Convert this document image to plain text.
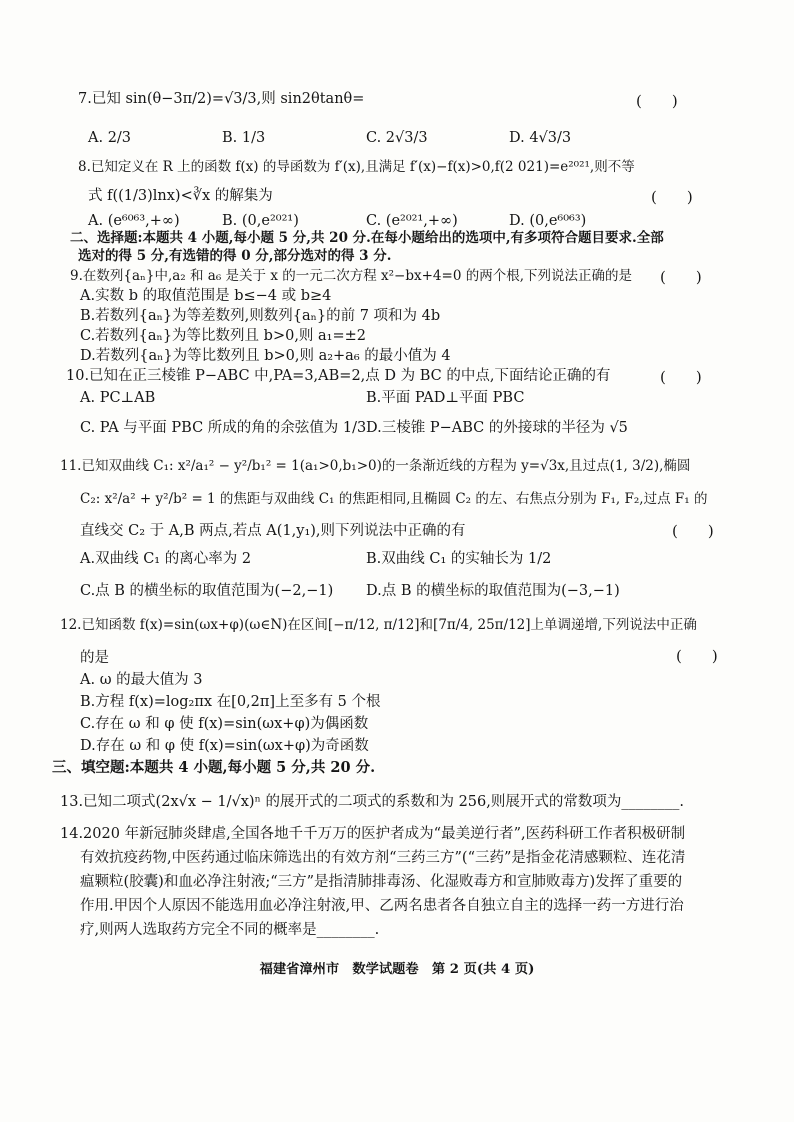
7.已知 sin(θ−3π/2)=√3/3,则 sin2θtanθ=	(　　)
A. 2/3	B. 1/3	C. 2√3/3	D. 4√3/3
8.已知定义在 R 上的函数 f(x) 的导函数为 f′(x),且满足 f′(x)−f(x)>0,f(2 021)=e²⁰²¹,则不等
式 f((1/3)lnx)<∛x 的解集为	(　　)
A. (e⁶⁰⁶³,+∞)	B. (0,e²⁰²¹)	C. (e²⁰²¹,+∞)	D. (0,e⁶⁰⁶³)
二、选择题:本题共 4 小题,每小题 5 分,共 20 分.在每小题给出的选项中,有多项符合题目要求.全部
选对的得 5 分,有选错的得 0 分,部分选对的得 3 分.
9.在数列{aₙ}中,a₂ 和 a₆ 是关于 x 的一元二次方程 x²−bx+4=0 的两个根,下列说法正确的是 (　　)
A.实数 b 的取值范围是 b≤−4 或 b≥4
B.若数列{aₙ}为等差数列,则数列{aₙ}的前 7 项和为 4b
C.若数列{aₙ}为等比数列且 b>0,则 a₁=±2
D.若数列{aₙ}为等比数列且 b>0,则 a₂+a₆ 的最小值为 4
10.已知在正三棱锥 P−ABC 中,PA=3,AB=2,点 D 为 BC 的中点,下面结论正确的有	(　　)
A. PC⊥AB	B.平面 PAD⊥平面 PBC
C. PA 与平面 PBC 所成的角的余弦值为 1/3 D.三棱锥 P−ABC 的外接球的半径为 √5
11.已知双曲线 C₁: x²/a₁² − y²/b₁² = 1(a₁>0,b₁>0)的一条渐近线的方程为 y=√3x,且过点(1, 3/2),椭圆
C₂: x²/a² + y²/b² = 1 的焦距与双曲线 C₁ 的焦距相同,且椭圆 C₂ 的左、右焦点分别为 F₁, F₂,过点 F₁ 的
直线交 C₂ 于 A,B 两点,若点 A(1,y₁),则下列说法中正确的有	(　　)
A.双曲线 C₁ 的离心率为 2	B.双曲线 C₁ 的实轴长为 1/2
C.点 B 的横坐标的取值范围为(−2,−1) D.点 B 的横坐标的取值范围为(−3,−1)
12.已知函数 f(x)=sin(ωx+φ)(ω∈N)在区间[−π/12, π/12]和[7π/4, 25π/12]上单调递增,下列说法中正确
的是	(　　)
A. ω 的最大值为 3
B.方程 f(x)=log₂πx 在[0,2π]上至多有 5 个根
C.存在 ω 和 φ 使 f(x)=sin(ωx+φ)为偶函数
D.存在 ω 和 φ 使 f(x)=sin(ωx+φ)为奇函数
三、填空题:本题共 4 小题,每小题 5 分,共 20 分.
13.已知二项式(2x√x − 1/√x)ⁿ 的展开式的二项式的系数和为 256,则展开式的常数项为________.
14.2020 年新冠肺炎肆虐,全国各地千千万万的医护者成为“最美逆行者”,医药科研工作者积极研制
有效抗疫药物,中医药通过临床筛选出的有效方剂“三药三方”(“三药”是指金花清感颗粒、连花清
瘟颗粒(胶囊)和血必净注射液;“三方”是指清肺排毒汤、化湿败毒方和宣肺败毒方)发挥了重要的
作用.甲因个人原因不能选用血必净注射液,甲、乙两名患者各自独立自主的选择一药一方进行治
疗,则两人选取药方完全不同的概率是________.
福建省漳州市　数学试题卷　第 2 页(共 4 页)
